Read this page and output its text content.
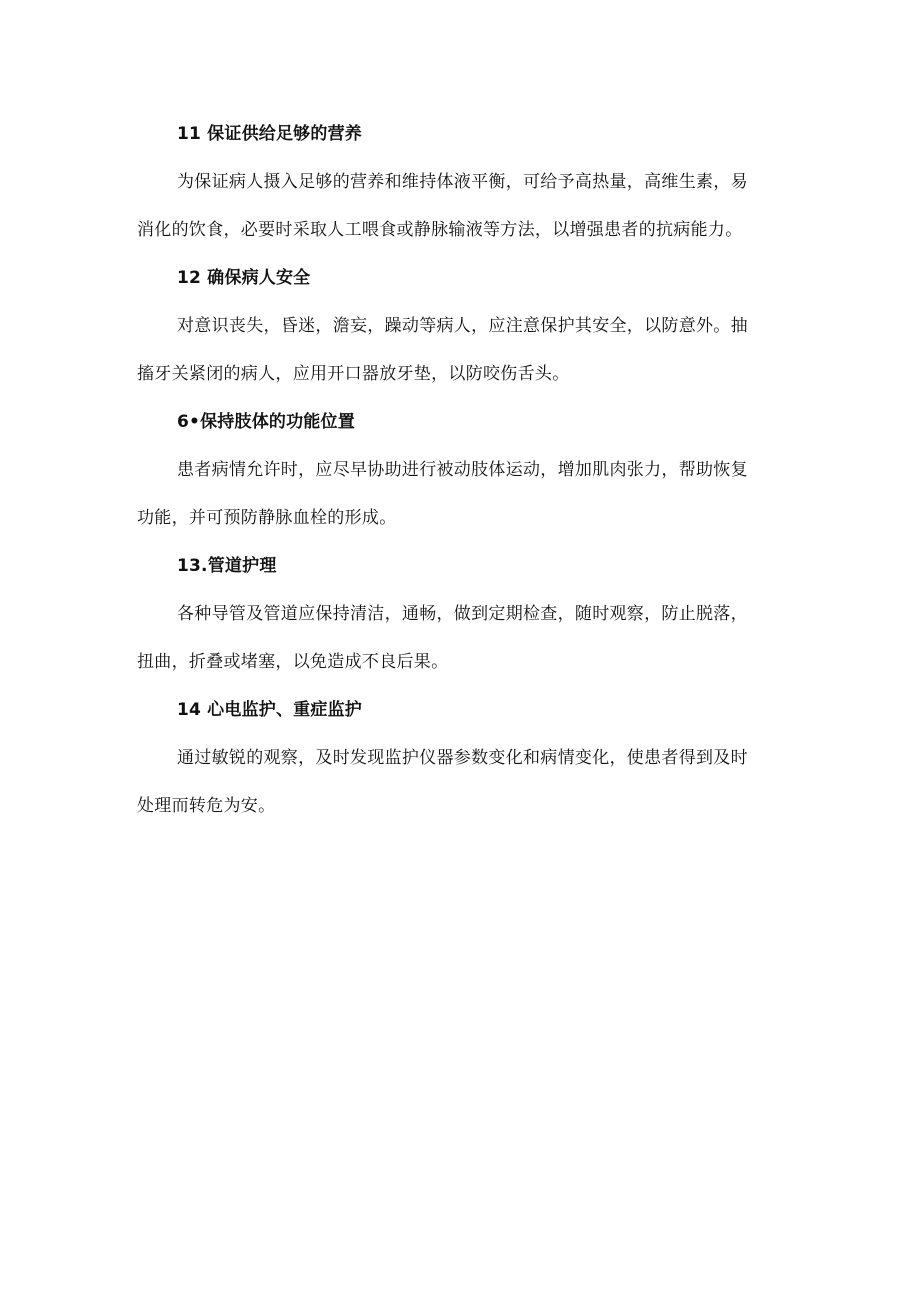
11 保证供给足够的营养
为保证病人摄入足够的营养和维持体液平衡，可给予高热量，高维生素，易
消化的饮食，必要时采取人工喂食或静脉输液等方法，以增强患者的抗病能力。
12 确保病人安全
对意识丧失，昏迷，澹妄，躁动等病人，应注意保护其安全，以防意外。抽
搐牙关紧闭的病人，应用开口器放牙垫，以防咬伤舌头。
6•保持肢体的功能位置
患者病情允许时，应尽早协助进行被动肢体运动，增加肌肉张力，帮助恢复
功能，并可预防静脉血栓的形成。
13.管道护理
各种导管及管道应保持清洁，通畅，做到定期检查，随时观察，防止脱落，
扭曲，折叠或堵塞，以免造成不良后果。
14 心电监护、重症监护
通过敏锐的观察，及时发现监护仪器参数变化和病情变化，使患者得到及时
处理而转危为安。
